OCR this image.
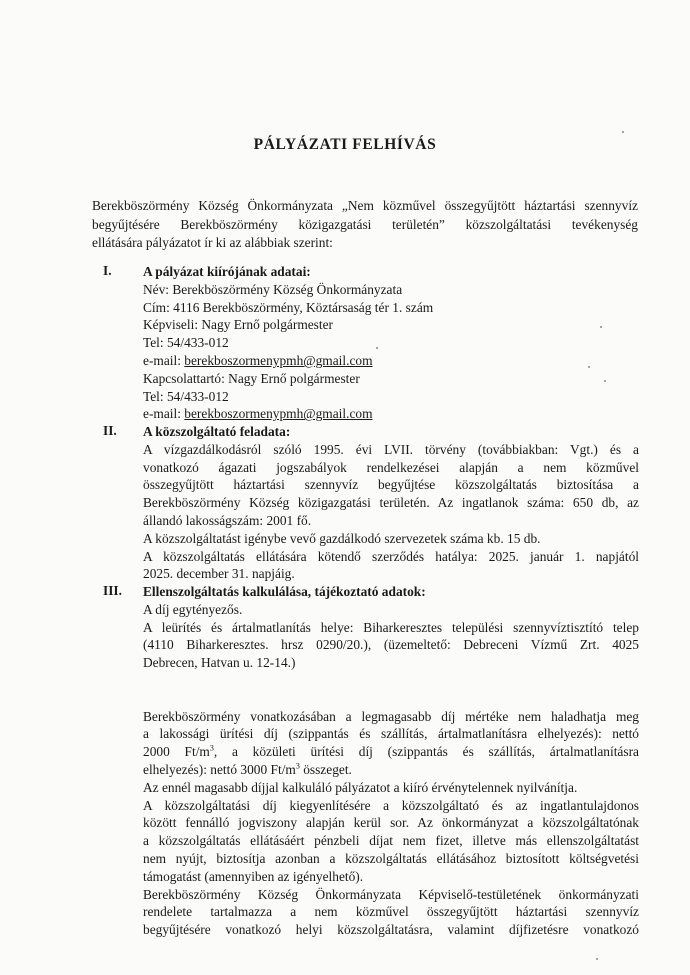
PÁLYÁZATI FELHÍVÁS
Berekböszörmény Község Önkormányzata „Nem közművel összegyűjtött háztartási szennyvíz
begyűjtésére Berekböszörmény közigazgatási területén” közszolgáltatási tevékenység
ellátására pályázatot ír ki az alábbiak szerint:
I. A pályázat kiírójának adatai:
Név: Berekböszörmény Község Önkormányzata
Cím: 4116 Berekböszörmény, Köztársaság tér 1. szám
Képviseli: Nagy Ernő polgármester
Tel: 54/433-012
e-mail: berekboszormenypmh@gmail.com
Kapcsolattartó: Nagy Ernő polgármester
Tel: 54/433-012
e-mail: berekboszormenypmh@gmail.com
II. A közszolgáltató feladata:
A vízgazdálkodásról szóló 1995. évi LVII. törvény (továbbiakban: Vgt.) és a
vonatkozó ágazati jogszabályok rendelkezései alapján a nem közművel
összegyűjtött háztartási szennyvíz begyűjtése közszolgáltatás biztosítása a
Berekböszörmény Község közigazgatási területén. Az ingatlanok száma: 650 db, az
állandó lakosságszám: 2001 fő.
A közszolgáltatást igénybe vevő gazdálkodó szervezetek száma kb. 15 db.
A közszolgáltatás ellátására kötendő szerződés hatálya: 2025. január 1. napjától
2025. december 31. napjáig.
III. Ellenszolgáltatás kalkulálása, tájékoztató adatok:
A díj egytényezős.
A leürítés és ártalmatlanítás helye: Biharkeresztes települési szennyvíztisztító telep
(4110 Biharkeresztes. hrsz 0290/20.), (üzemeltető: Debreceni Vízmű Zrt. 4025
Debrecen, Hatvan u. 12-14.)
Berekböszörmény vonatkozásában a legmagasabb díj mértéke nem haladhatja meg
a lakossági ürítési díj (szippantás és szállítás, ártalmatlanításra elhelyezés): nettó
2000 $Ft/m^3$, a közületi ürítési díj (szippantás és szállítás, ártalmatlanításra
elhelyezés): nettó 3000 $Ft/m^3$ összeget.
Az ennél magasabb díjjal kalkuláló pályázatot a kiíró érvénytelennek nyilvánítja.
A közszolgáltatási díj kiegyenlítésére a közszolgáltató és az ingatlantulajdonos
között fennálló jogviszony alapján kerül sor. Az önkormányzat a közszolgáltatónak
a közszolgáltatás ellátásáért pénzbeli díjat nem fizet, illetve más ellenszolgáltatást
nem nyújt, biztosítja azonban a közszolgáltatás ellátásához biztosított költségvetési
támogatást (amennyiben az igényelhető).
Berekböszörmény Község Önkormányzata Képviselő-testületének önkormányzati
rendelete tartalmazza a nem közművel összegyűjtött háztartási szennyvíz
begyűjtésére vonatkozó helyi közszolgáltatásra, valamint díjfizetésre vonatkozó
